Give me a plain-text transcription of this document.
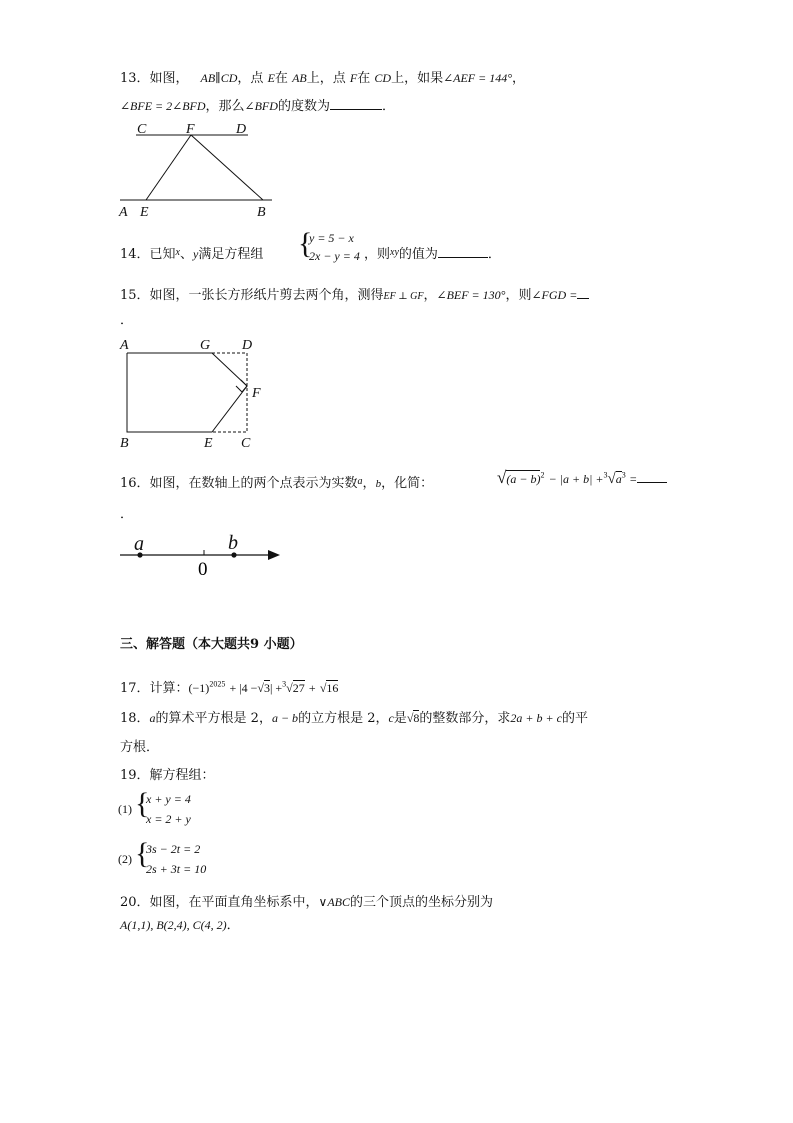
13．如图， AB∥CD，点 E在 AB上，点 F在 CD上，如果∠AEF = 144°，
∠BFE = 2∠BFD，那么∠BFD的度数为	．
C	F	D
A E	B
14．已知$^x$、y满足方程组 {
y = 5 − x
2x − y = 4 ，则$^{xy}$的值为	．
15．如图，一张长方形纸片剪去两个角，测得EF ⊥ GF，∠BEF = 130°，则∠FGD =
．
A	G D
F
B	E C
16．如图，在数轴上的两个点表示为实数$^a$，b，化简：	$√(a - b)^2 - |a + b| +^3√a^3$ =
．
a	b
0
三、解答题（本大题共9 小题）
17．计算：$(-1)^{2025} + |4 -√3| +^3√27 + √16$
18．a的算术平方根是 2，a − b的立方根是 2，c是√8的整数部分，求2a + b + c的平
方根．
19．解方程组：
(1) {
x + y = 4
x = 2 + y
(2) {
3s − 2t = 2
2s + 3t = 10
20．如图，在平面直角坐标系中，∨ABC的三个顶点的坐标分别为
A(1,1), B(2,4), C(4, 2)．
